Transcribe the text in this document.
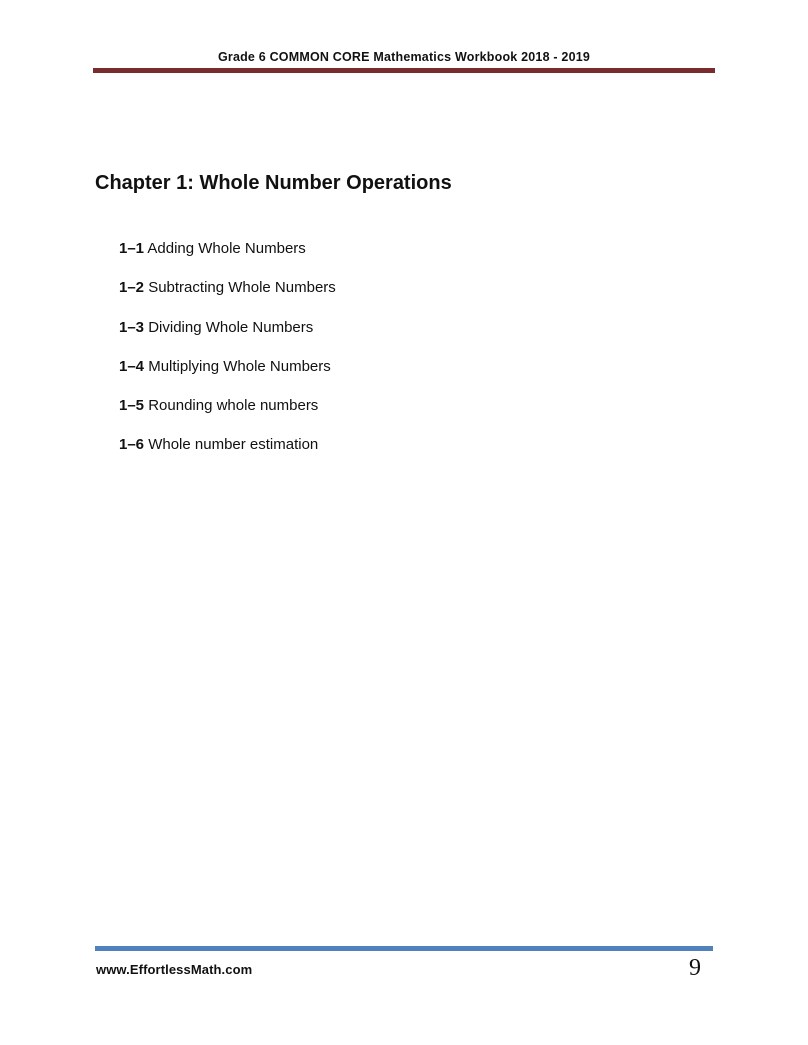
Grade 6 COMMON CORE Mathematics Workbook 2018 - 2019
Chapter 1: Whole Number Operations
1–1 Adding Whole Numbers
1–2 Subtracting Whole Numbers
1–3 Dividing Whole Numbers
1–4 Multiplying Whole Numbers
1–5 Rounding whole numbers
1–6 Whole number estimation
www.EffortlessMath.com	9
